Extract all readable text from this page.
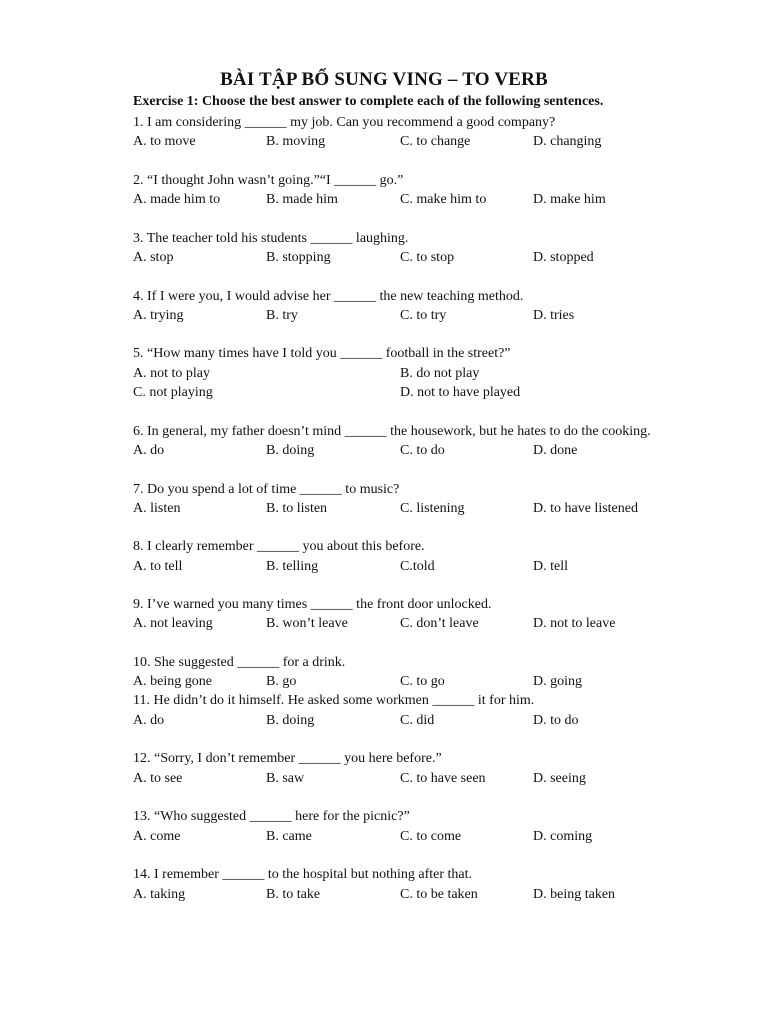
BÀI TẬP BỔ SUNG VING – TO VERB
Exercise 1: Choose the best answer to complete each of the following sentences.
1. I am considering ______ my job. Can you recommend a good company?
A. to move	B. moving	C. to change	D. changing
2. “I thought John wasn’t going.”“I ______ go.”
A. made him to	B. made him	C. make him to	D. make him
3. The teacher told his students ______ laughing.
A. stop	B. stopping	C. to stop	D. stopped
4. If I were you, I would advise her ______ the new teaching method.
A. trying	B. try	C. to try	D. tries
5. “How many times have I told you ______ football in the street?”
A. not to play	B. do not play
C. not playing	D. not to have played
6. In general, my father doesn’t mind ______ the housework, but he hates to do the cooking.
A. do	B. doing	C. to do	D. done
7. Do you spend a lot of time ______ to music?
A. listen	B. to listen	C. listening	D. to have listened
8. I clearly remember ______ you about this before.
A. to tell	B. telling	C.told	D. tell
9. I’ve warned you many times ______ the front door unlocked.
A. not leaving	B. won’t leave	C. don’t leave	D. not to leave
10. She suggested ______ for a drink.
A. being gone	B. go	C. to go	D. going
11. He didn’t do it himself. He asked some workmen ______ it for him.
A. do	B. doing	C. did	D. to do
12. “Sorry, I don’t remember ______ you here before.”
A. to see	B. saw	C. to have seen	D. seeing
13. “Who suggested ______ here for the picnic?”
A. come	B. came	C. to come	D. coming
14. I remember ______ to the hospital but nothing after that.
A. taking	B. to take	C. to be taken	D. being taken
